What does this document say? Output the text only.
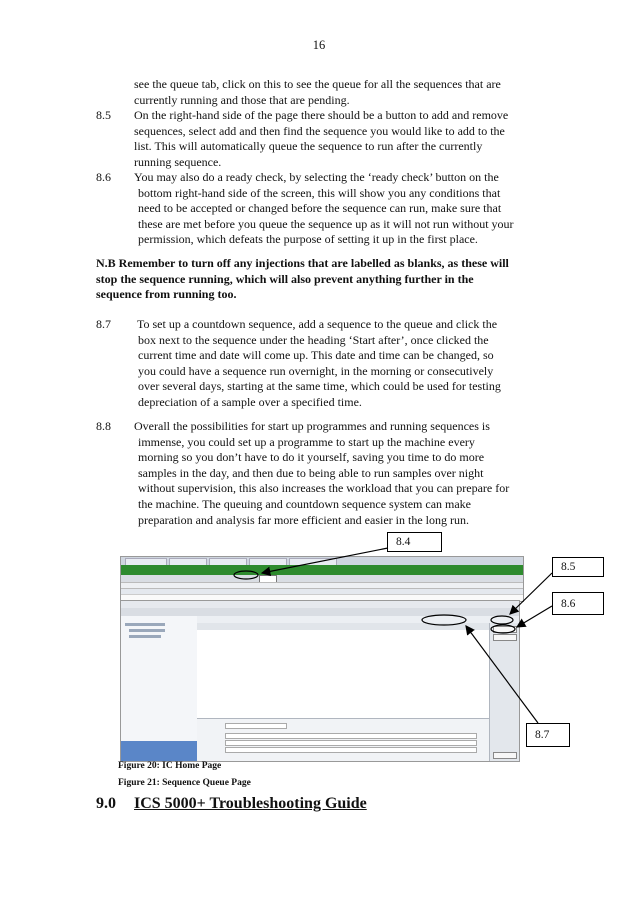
16
see the queue tab, click on this to see the queue for all the sequences that are
currently running and those that are pending.
8.5 On the right-hand side of the page there should be a button to add and remove
sequences, select add and then find the sequence you would like to add to the
list. This will automatically queue the sequence to run after the currently
running sequence.
8.6 You may also do a ready check, by selecting the ‘ready check’ button on the
bottom right-hand side of the screen, this will show you any conditions that
need to be accepted or changed before the sequence can run, make sure that
these are met before you queue the sequence up as it will not run without your
permission, which defeats the purpose of setting it up in the first place.
N.B Remember to turn off any injections that are labelled as blanks, as these will
stop the sequence running, which will also prevent anything further in the
sequence from running too.
8.7 To set up a countdown sequence, add a sequence to the queue and click the
box next to the sequence under the heading ‘Start after’, once clicked the
current time and date will come up. This date and time can be changed, so
you could have a sequence run overnight, in the morning or consecutively
over several days, starting at the same time, which could be used for testing
depreciation of a sample over a specified time.
8.8 Overall the possibilities for start up programmes and running sequences is
immense, you could set up a programme to start up the machine every
morning so you don’t have to do it yourself, saving you time to do more
samples in the day, and then due to being able to run samples over night
without supervision, this also increases the workload that you can prepare for
the machine. The queuing and countdown sequence system can make
preparation and analysis far more efficient and easier in the long run.
8.4
8.5
8.6
8.7
Figure 20: IC Home Page
Figure 21: Sequence Queue Page
9.0 ICS 5000+ Troubleshooting Guide
